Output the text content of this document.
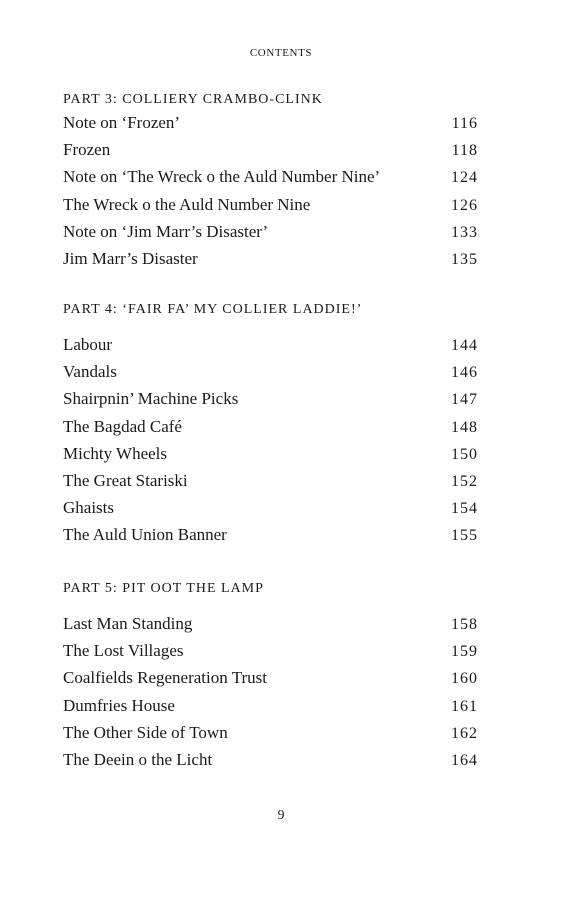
CONTENTS
PART 3: COLLIERY CRAMBO-CLINK
Note on ‘Frozen’	116
Frozen	118
Note on ‘The Wreck o the Auld Number Nine’	124
The Wreck o the Auld Number Nine	126
Note on ‘Jim Marr’s Disaster’	133
Jim Marr’s Disaster	135
PART 4: ‘FAIR FA’ MY COLLIER LADDIE!’
Labour	144
Vandals	146
Shairpnin’ Machine Picks	147
The Bagdad Café	148
Michty Wheels	150
The Great Stariski	152
Ghaists	154
The Auld Union Banner	155
PART 5: PIT OOT THE LAMP
Last Man Standing	158
The Lost Villages	159
Coalfields Regeneration Trust	160
Dumfries House	161
The Other Side of Town	162
The Deein o the Licht	164
9
